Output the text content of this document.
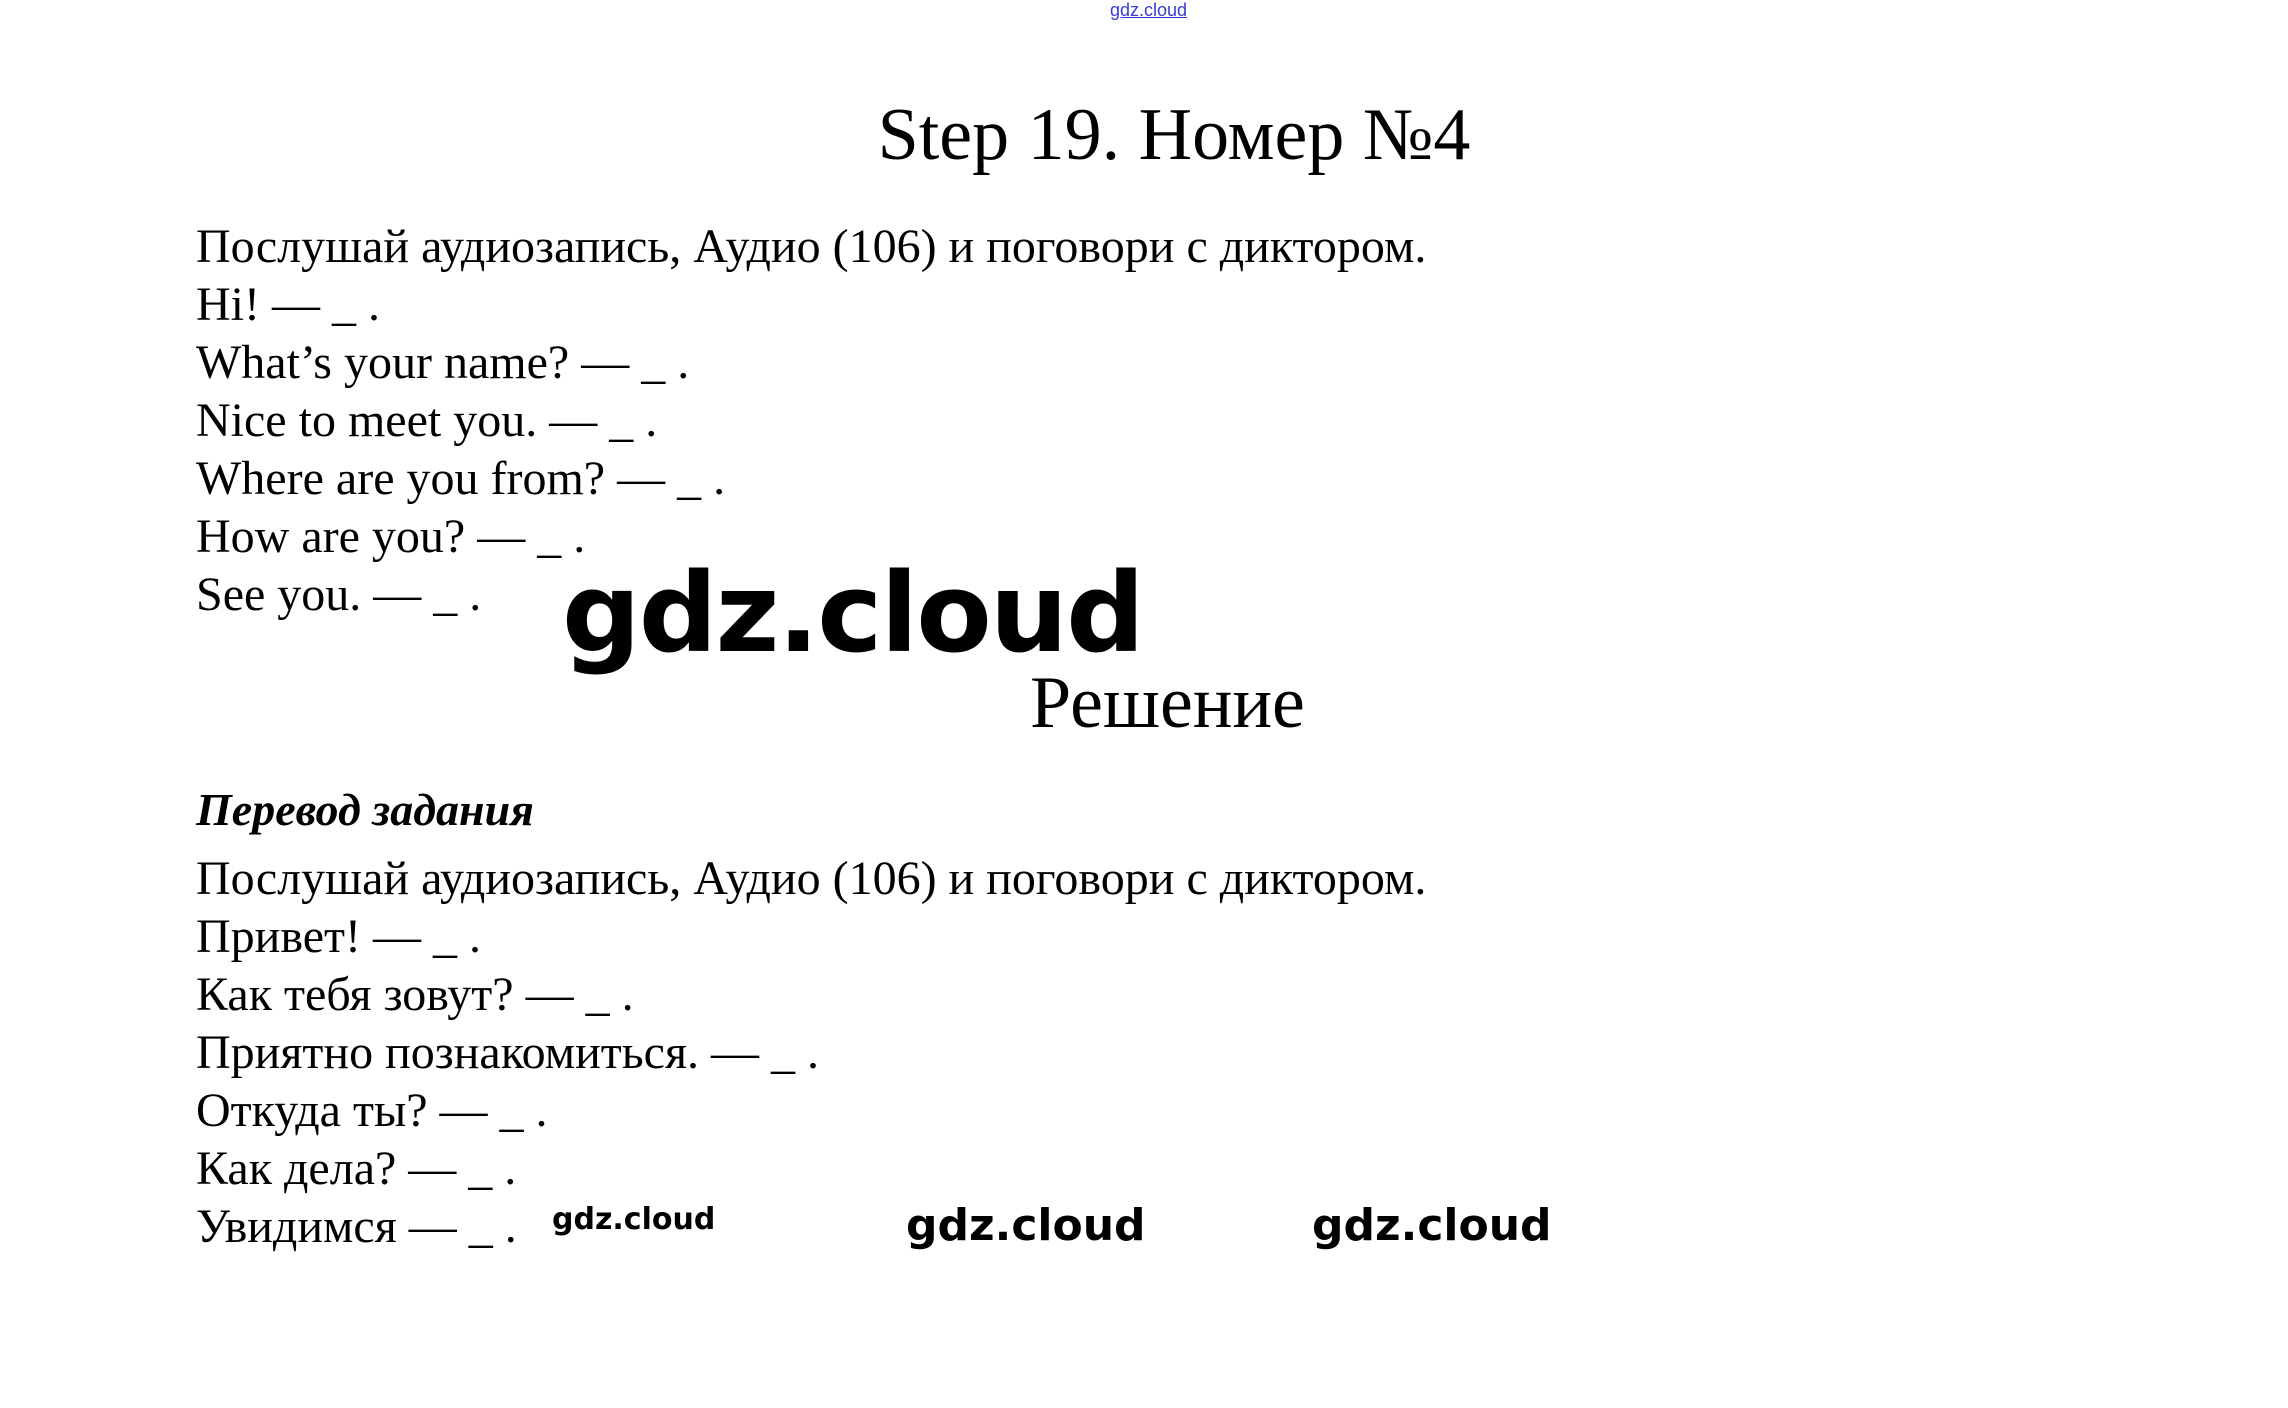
gdz.cloud
Step 19. Номер №4
Послушай аудиозапись, Аудио (106) и поговори с диктором.
Hi! — _ .
What’s your name? — _ .
Nice to meet you. — _ .
Where are you from? — _ .
How are you? — _ .
See you. — _ . gdz.cloud
Решение
Перевод задания
Послушай аудиозапись, Аудио (106) и поговори с диктором.
Привет! — _ .
Как тебя зовут? — _ .
Приятно познакомиться. — _ .
Откуда ты? — _ .
Как дела? — _ .
Увидимся — _ .	gdz.cloud	gdz.cloud	gdz.cloud
